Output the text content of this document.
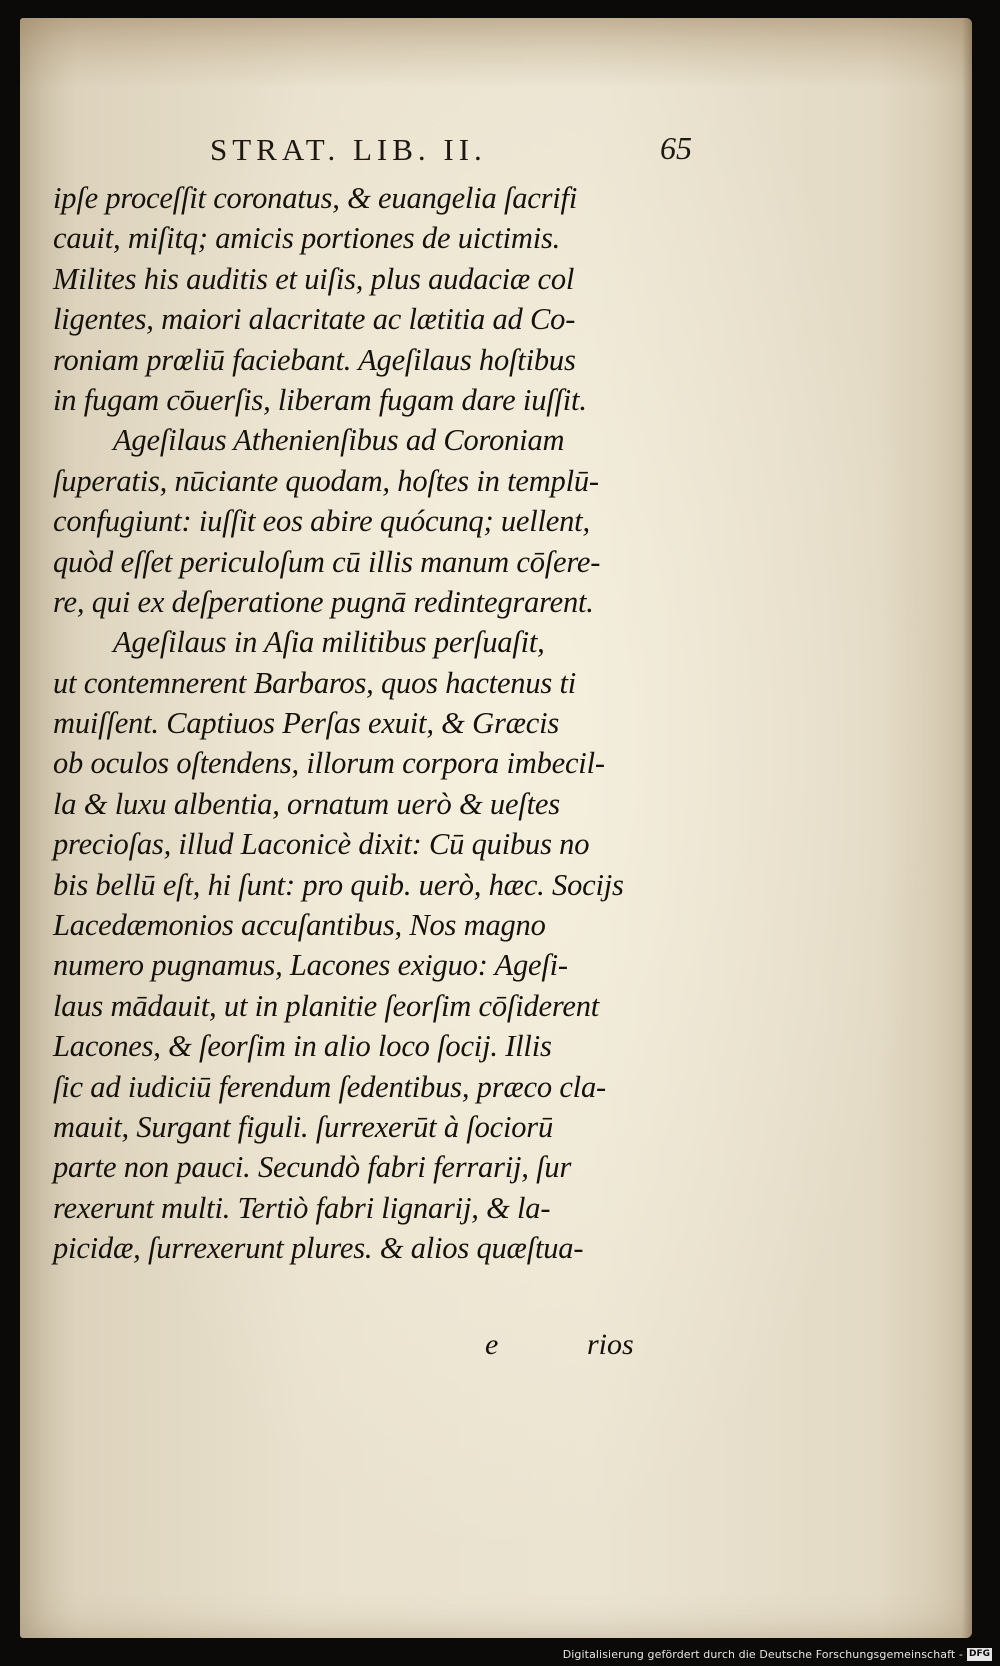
STRAT. LIB. II.	65
ipſe proceſſit coronatus, & euangelia ſacrifi
cauit, miſitq; amicis portiones de uictimis.
Milites his auditis et uiſis, plus audaciæ col
ligentes, maiori alacritate ac lætitia ad Co-
roniam prœliū faciebant. Ageſilaus hoſtibus
in fugam cōuerſis, liberam fugam dare iuſſit.
Ageſilaus Athenienſibus ad Coroniam
ſuperatis, nūciante quodam, hoſtes in templū-
confugiunt: iuſſit eos abire quócunq; uellent,
quòd eſſet periculoſum cū illis manum cōſere-
re, qui ex deſperatione pugnā redintegrarent.
Ageſilaus in Aſia militibus perſuaſit,
ut contemnerent Barbaros, quos hactenus ti
muiſſent. Captiuos Perſas exuit, & Græcis
ob oculos oſtendens, illorum corpora imbecil-
la & luxu albentia, ornatum uerò & ueſtes
precioſas, illud Laconicè dixit: Cū quibus no
bis bellū eſt, hi ſunt: pro quib. uerò, hæc. Socijs
Lacedæmonios accuſantibus, Nos magno
numero pugnamus, Lacones exiguo: Ageſi-
laus mādauit, ut in planitie ſeorſim cōſiderent
Lacones, & ſeorſim in alio loco ſocij. Illis
ſic ad iudiciū ferendum ſedentibus, præco cla-
mauit, Surgant figuli. ſurrexerūt à ſociorū
parte non pauci. Secundò fabri ferrarij, ſur
rexerunt multi. Tertiò fabri lignarij, & la-
picidæ, ſurrexerunt plures. & alios quæſtua-
e	rios
Digitalisierung gefördert durch die Deutsche Forschungsgemeinschaft - DFG
